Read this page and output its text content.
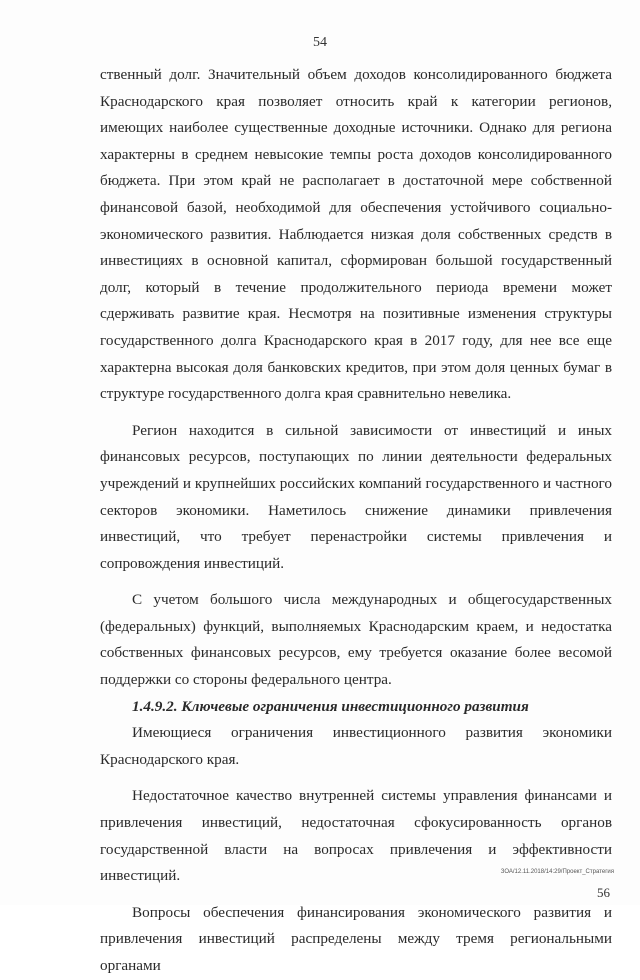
54

ственный долг. Значительный объем доходов консолидированного бюджета Краснодарского края позволяет относить край к категории регионов, имеющих наиболее существенные доходные источники. Однако для региона характерны в среднем невысокие темпы роста доходов консолидированного бюджета. При этом край не располагает в достаточной мере собственной финансовой базой, необходимой для обеспечения устойчивого социально-экономического развития. Наблюдается низкая доля собственных средств в инвестициях в основной капитал, сформирован большой государственный долг, который в течение продолжительного периода времени может сдерживать развитие края. Несмотря на позитивные изменения структуры государственного долга Краснодарского края в 2017 году, для нее все еще характерна высокая доля банковских кредитов, при этом доля ценных бумаг в структуре государственного долга края сравнительно невелика.

Регион находится в сильной зависимости от инвестиций и иных финансовых ресурсов, поступающих по линии деятельности федеральных учреждений и крупнейших российских компаний государственного и частного секторов экономики. Наметилось снижение динамики привлечения инвестиций, что требует перенастройки системы привлечения и сопровождения инвестиций.

С учетом большого числа международных и общегосударственных (федеральных) функций, выполняемых Краснодарским краем, и недостатка собственных финансовых ресурсов, ему требуется оказание более весомой поддержки со стороны федерального центра.

1.4.9.2. Ключевые ограничения инвестиционного развития

Имеющиеся ограничения инвестиционного развития экономики Краснодарского края.

Недостаточное качество внутренней системы управления финансами и привлечения инвестиций, недостаточная сфокусированность органов государственной власти на вопросах привлечения и эффективности инвестиций.

Вопросы обеспечения финансирования экономического развития и привлечения инвестиций распределены между тремя региональными органами

ЗОА/12.11.2018/14:29/Проект_Стратегия
56
